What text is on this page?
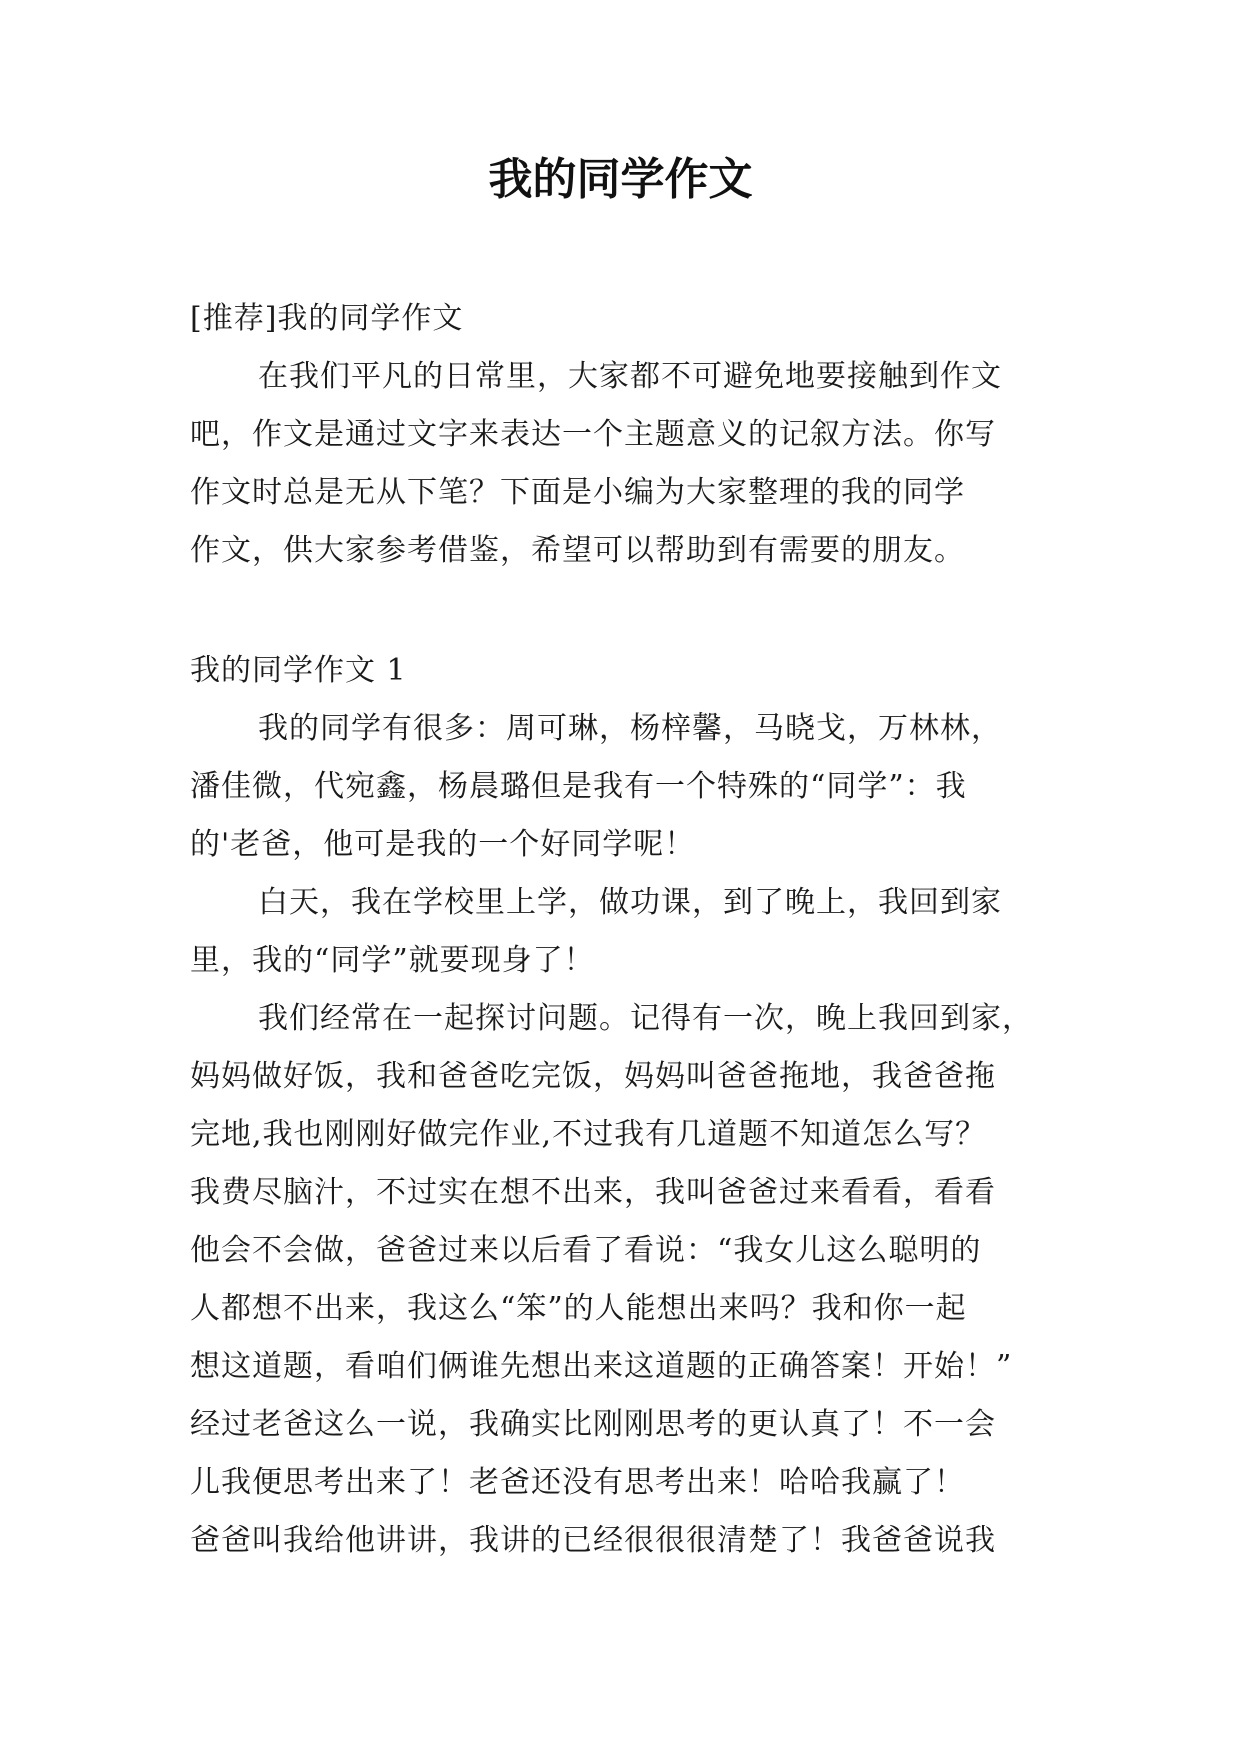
我的同学作文

[推荐]我的同学作文

在我们平凡的日常里，大家都不可避免地要接触到作文

吧，作文是通过文字来表达一个主题意义的记叙方法。你写

作文时总是无从下笔？下面是小编为大家整理的我的同学

作文，供大家参考借鉴，希望可以帮助到有需要的朋友。

我的同学作文 1

我的同学有很多：周可琳，杨梓馨，马晓戈，万林林，

潘佳微，代宛鑫，杨晨璐但是我有一个特殊的“同学”：我

的'老爸，他可是我的一个好同学呢！

白天，我在学校里上学，做功课，到了晚上，我回到家

里，我的“同学”就要现身了！

我们经常在一起探讨问题。记得有一次，晚上我回到家，

妈妈做好饭，我和爸爸吃完饭，妈妈叫爸爸拖地，我爸爸拖

完地,我也刚刚好做完作业,不过我有几道题不知道怎么写？

我费尽脑汁，不过实在想不出来，我叫爸爸过来看看，看看

他会不会做，爸爸过来以后看了看说：“我女儿这么聪明的

人都想不出来，我这么“笨”的人能想出来吗？我和你一起

想这道题，看咱们俩谁先想出来这道题的正确答案！开始！”

经过老爸这么一说，我确实比刚刚思考的更认真了！不一会

儿我便思考出来了！老爸还没有思考出来！哈哈我赢了！

爸爸叫我给他讲讲，我讲的已经很很很清楚了！我爸爸说我
